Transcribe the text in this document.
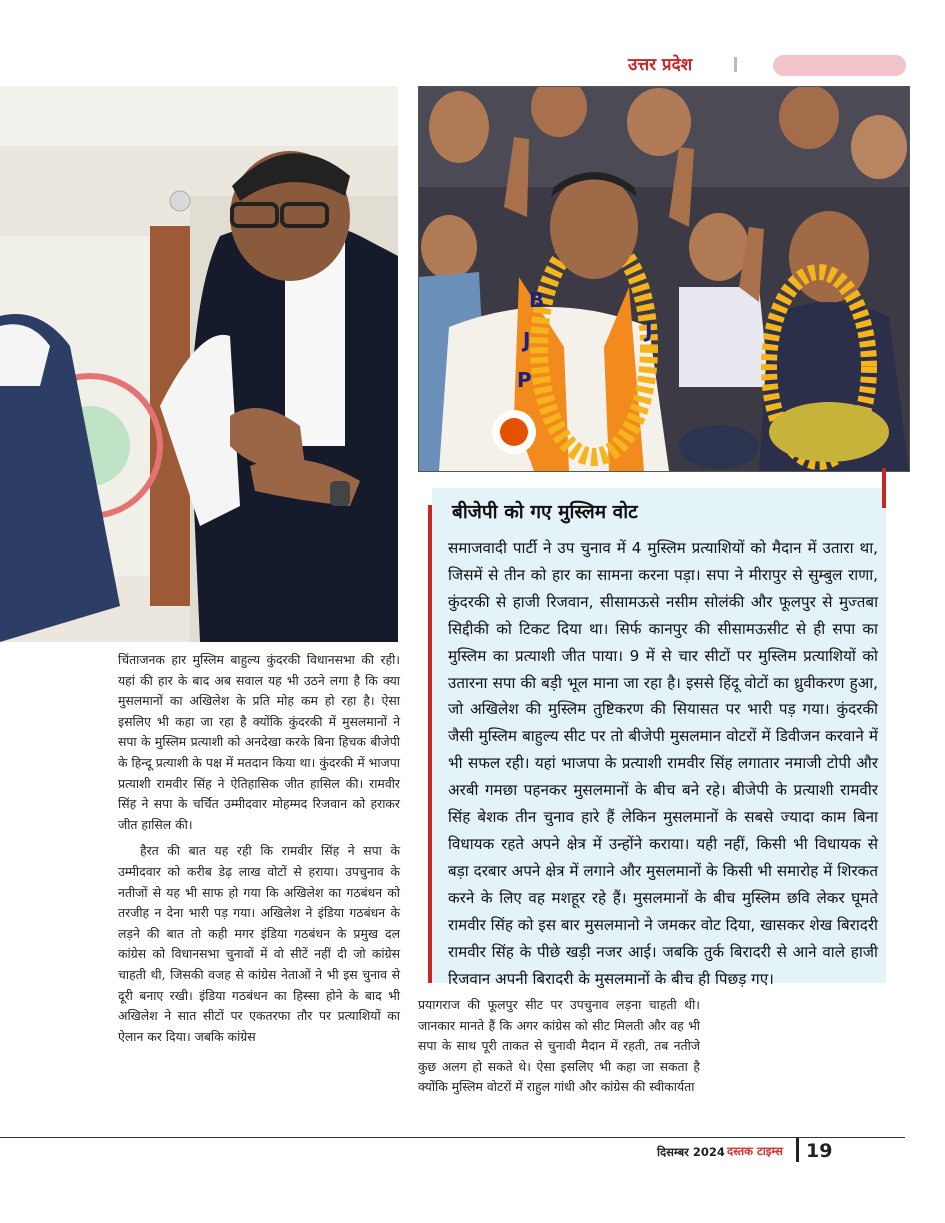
उत्तर प्रदेश
B
J
P
J
बीजेपी को गए मुस्लिम वोट

समाजवादी पार्टी ने उप चुनाव में 4 मुस्लिम प्रत्याशियों को मैदान में उतारा था, जिसमें से तीन को हार का सामना करना पड़ा। सपा ने मीरापुर से सुम्बुल राणा, कुंदरकी से हाजी रिजवान, सीसामऊसे नसीम सोलंकी और फूलपुर से मुज्तबा सिद्दीकी को टिकट दिया था। सिर्फ कानपुर की सीसामऊसीट से ही सपा का मुस्लिम का प्रत्याशी जीत पाया। 9 में से चार सीटों पर मुस्लिम प्रत्याशियों को उतारना सपा की बड़ी भूल माना जा रहा है। इससे हिंदू वोटों का ध्रुवीकरण हुआ, जो अखिलेश की मुस्लिम तुष्टिकरण की सियासत पर भारी पड़ गया। कुंदरकी जैसी मुस्लिम बाहुल्य सीट पर तो बीजेपी मुसलमान वोटरों में डिवीजन करवाने में भी सफल रही। यहां भाजपा के प्रत्याशी रामवीर सिंह लगातार नमाजी टोपी और अरबी गमछा पहनकर मुसलमानों के बीच बने रहे। बीजेपी के प्रत्याशी रामवीर सिंह बेशक तीन चुनाव हारे हैं लेकिन मुसलमानों के सबसे ज्यादा काम बिना विधायक रहते अपने क्षेत्र में उन्होंने कराया। यही नहीं, किसी भी विधायक से बड़ा दरबार अपने क्षेत्र में लगाने और मुसलमानों के किसी भी समारोह में शिरकत करने के लिए वह मशहूर रहे हैं। मुसलमानों के बीच मुस्लिम छवि लेकर घूमते रामवीर सिंह को इस बार मुसलमानो ने जमकर वोट दिया, खासकर शेख बिरादरी रामवीर सिंह के पीछे खड़ी नजर आई। जबकि तुर्क बिरादरी से आने वाले हाजी रिजवान अपनी बिरादरी के मुसलमानों के बीच ही पिछड़ गए।

चिंताजनक हार मुस्लिम बाहुल्य कुंदरकी विधानसभा की रही। यहां की हार के बाद अब सवाल यह भी उठने लगा है कि क्या मुसलमानों का अखिलेश के प्रति मोह कम हो रहा है। ऐसा इसलिए भी कहा जा रहा है क्योंकि कुंदरकी में मुसलमानों ने सपा के मुस्लिम प्रत्याशी को अनदेखा करके बिना हिचक बीजेपी के हिन्दू प्रत्याशी के पक्ष में मतदान किया था। कुंदरकी में भाजपा प्रत्याशी रामवीर सिंह ने ऐतिहासिक जीत हासिल की। रामवीर सिंह ने सपा के चर्चित उम्मीदवार मोहम्मद रिजवान को हराकर जीत हासिल की।

हैरत की बात यह रही कि रामवीर सिंह ने सपा के उम्मीदवार को करीब डेढ़ लाख वोटों से हराया। उपचुनाव के नतीजों से यह भी साफ हो गया कि अखिलेश का गठबंधन को तरजीह न देना भारी पड़ गया। अखिलेश ने इंडिया गठबंधन के लड़ने की बात तो कही मगर इंडिया गठबंधन के प्रमुख दल कांग्रेस को विधानसभा चुनावों में वो सीटें नहीं दी जो कांग्रेस चाहती थी, जिसकी वजह से कांग्रेस नेताओं ने भी इस चुनाव से दूरी बनाए रखी। इंडिया गठबंधन का हिस्सा होने के बाद भी अखिलेश ने सात सीटों पर एकतरफा तौर पर प्रत्याशियों का ऐलान कर दिया। जबकि कांग्रेस

प्रयागराज की फूलपुर सीट पर उपचुनाव लड़ना चाहती थी। जानकार मानते हैं कि अगर कांग्रेस को सीट मिलती और वह भी सपा के साथ पूरी ताकत से चुनावी मैदान में रहती, तब नतीजे कुछ अलग हो सकते थे। ऐसा इसलिए भी कहा जा सकता है क्योंकि मुस्लिम वोटरों में राहुल गांधी और कांग्रेस की स्वीकार्यता

दिसम्बर 2024 दस्तक टाइम्स 19
